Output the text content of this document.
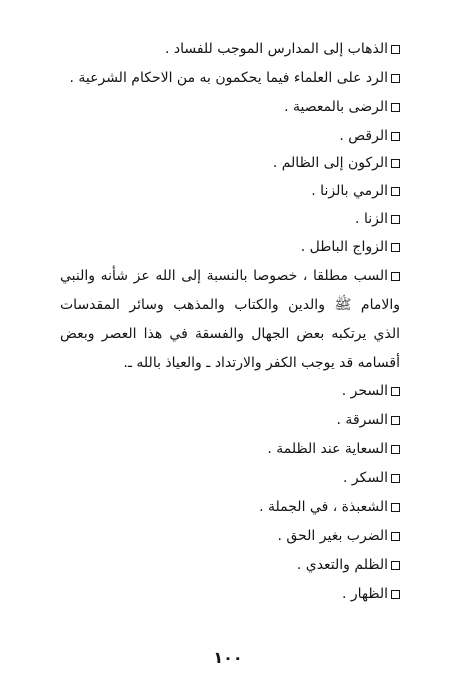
الذهاب إلى المدارس الموجب للفساد .
الرد على العلماء فيما يحكمون به من الاحكام الشرعية .
الرضى بالمعصية .
الرقص .
الركون إلى الظالم .
الرمي بالزنا .
الزنا .
الزواج الباطل .
السب مطلقا ، خصوصا بالنسبة إلى الله عز شأنه والنبي والامام ﷺ والدين والكتاب والمذهب وسائر المقدسات الذي يرتكبه بعض الجهال والفسقة في هذا العصر وبعض أقسامه قد يوجب الكفر والارتداد ـ والعياذ بالله ـ.
السحر .
السرقة .
السعاية عند الظلمة .
السكر .
الشعبذة ، في الجملة .
الضرب بغير الحق .
الظلم والتعدي .
الظهار .
١٠٠
